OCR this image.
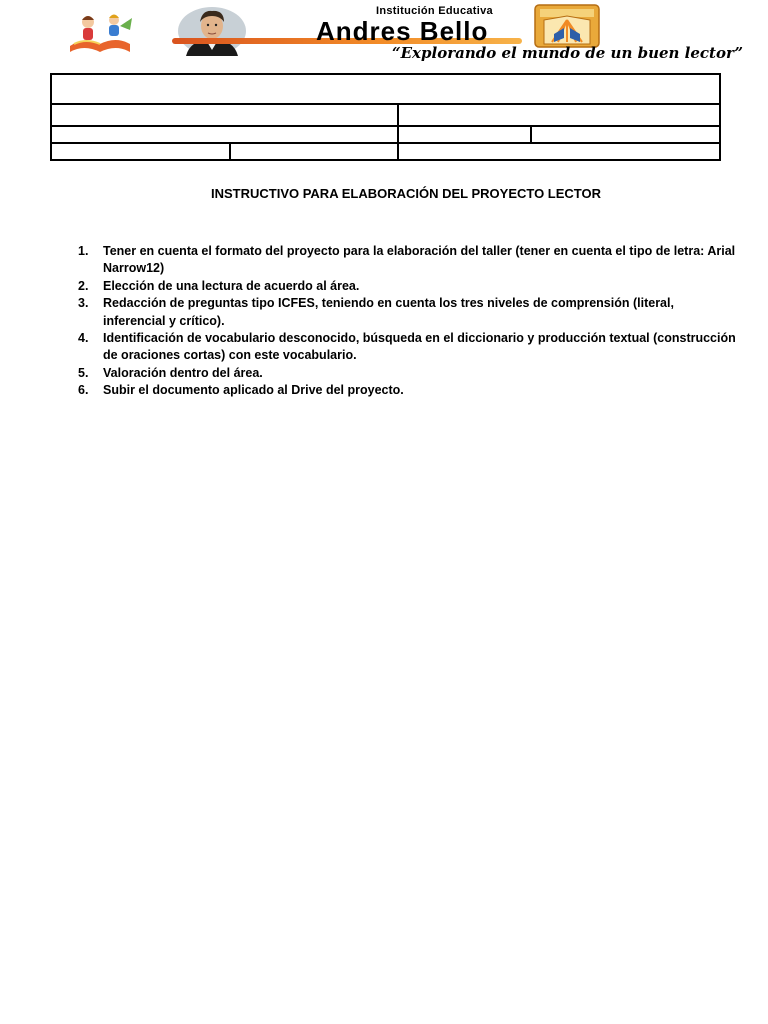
Institución Educativa
Andres Bello
“Explorando el mundo de un buen lector”

INSTRUCTIVO PARA ELABORACIÓN DEL PROYECTO LECTOR
1.	Tener en cuenta el formato del proyecto para la elaboración del taller (tener en cuenta el tipo de letra: Arial Narrow12)
2.	Elección de una lectura de acuerdo al área.
3.	Redacción de preguntas tipo ICFES, teniendo en cuenta los tres niveles de comprensión (literal, inferencial y crítico).
4.	Identificación de vocabulario desconocido, búsqueda en el diccionario y producción textual (construcción de oraciones cortas) con este vocabulario.
5.	Valoración dentro del área.
6.	Subir el documento aplicado al Drive del proyecto.
